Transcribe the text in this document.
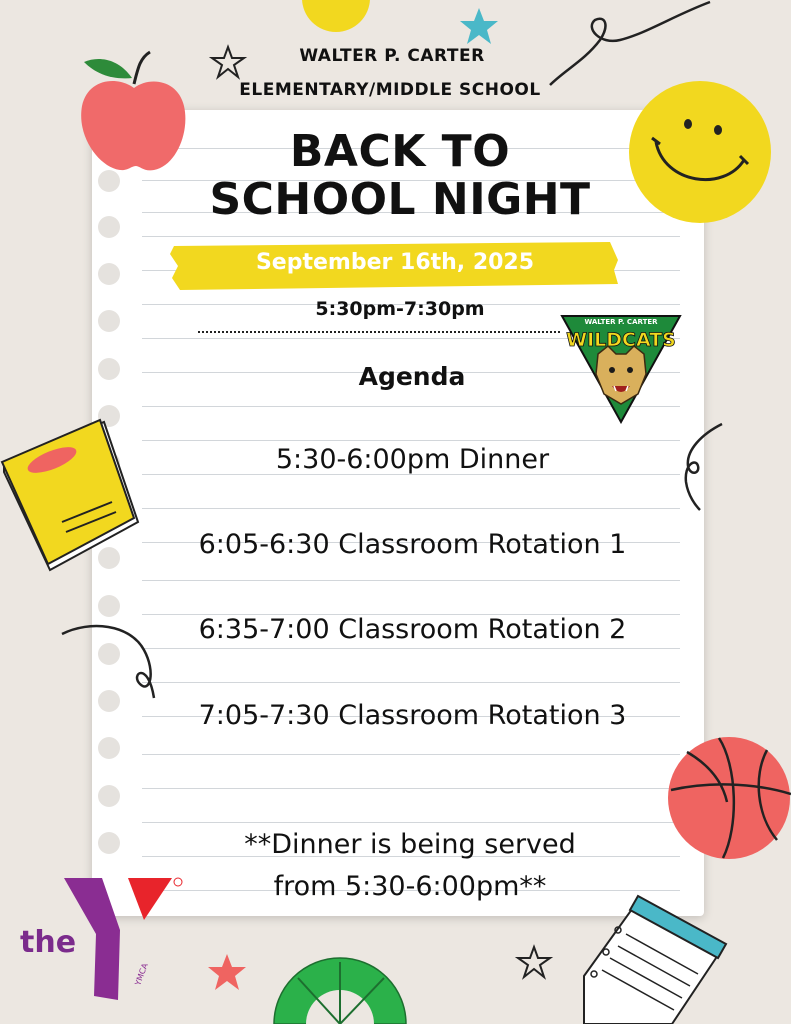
WALTER P. CARTER
ELEMENTARY/MIDDLE SCHOOL
BACK TO
SCHOOL NIGHT
September 16th, 2025
5:30pm-7:30pm
WALTER P. CARTER
WILDCATS
Agenda
5:30-6:00pm Dinner
6:05-6:30 Classroom Rotation 1
6:35-7:00 Classroom Rotation 2
7:05-7:30 Classroom Rotation 3
**Dinner is being served
from 5:30-6:00pm**
YMCA
the
